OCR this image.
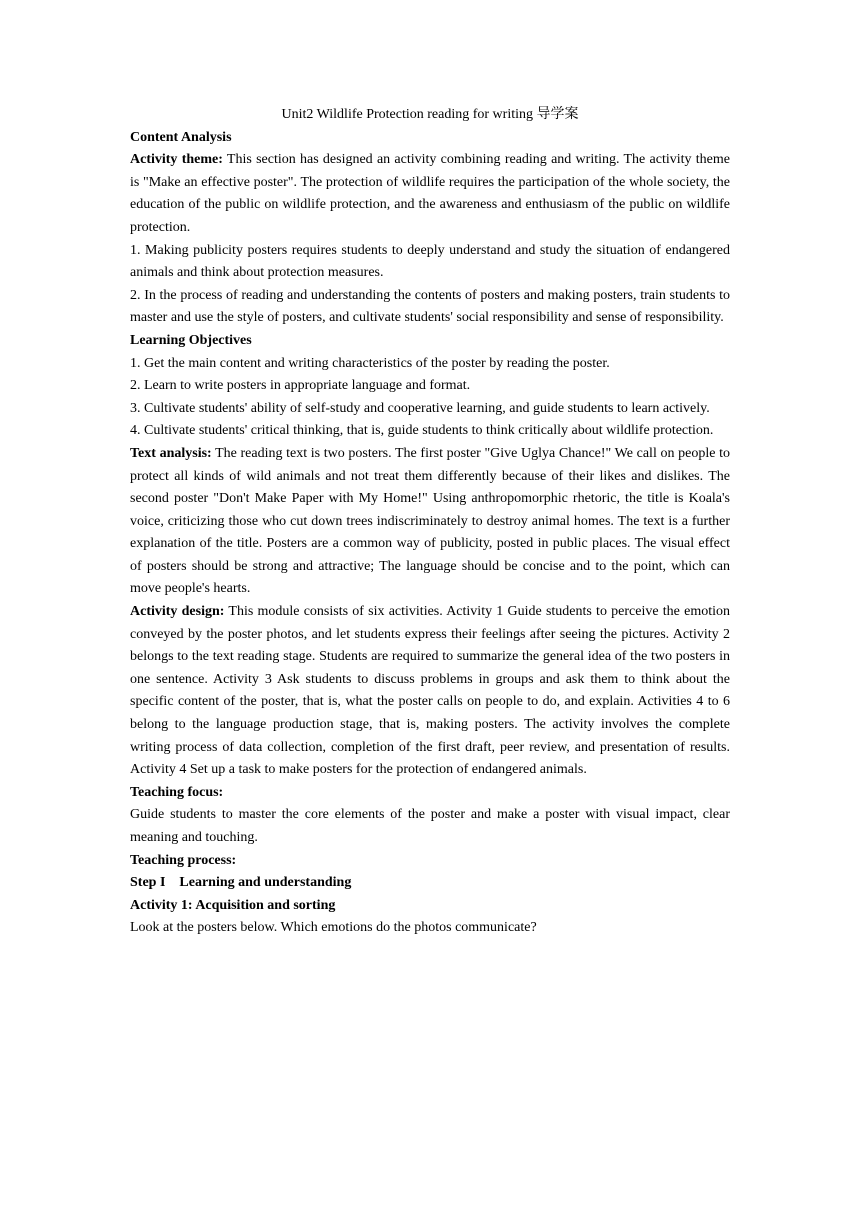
Unit2 Wildlife Protection reading for writing 导学案

Content Analysis

Activity theme: This section has designed an activity combining reading and writing. The activity theme is "Make an effective poster". The protection of wildlife requires the participation of the whole society, the education of the public on wildlife protection, and the awareness and enthusiasm of the public on wildlife protection.

1. Making publicity posters requires students to deeply understand and study the situation of endangered animals and think about protection measures.

2. In the process of reading and understanding the contents of posters and making posters, train students to master and use the style of posters, and cultivate students' social responsibility and sense of responsibility.

Learning Objectives

1. Get the main content and writing characteristics of the poster by reading the poster.

2. Learn to write posters in appropriate language and format.

3. Cultivate students' ability of self-study and cooperative learning, and guide students to learn actively.

4. Cultivate students' critical thinking, that is, guide students to think critically about wildlife protection.

Text analysis: The reading text is two posters. The first poster "Give Uglya Chance!" We call on people to protect all kinds of wild animals and not treat them differently because of their likes and dislikes. The second poster "Don't Make Paper with My Home!" Using anthropomorphic rhetoric, the title is Koala's voice, criticizing those who cut down trees indiscriminately to destroy animal homes. The text is a further explanation of the title. Posters are a common way of publicity, posted in public places. The visual effect of posters should be strong and attractive; The language should be concise and to the point, which can move people's hearts.

Activity design: This module consists of six activities. Activity 1 Guide students to perceive the emotion conveyed by the poster photos, and let students express their feelings after seeing the pictures. Activity 2 belongs to the text reading stage. Students are required to summarize the general idea of the two posters in one sentence. Activity 3 Ask students to discuss problems in groups and ask them to think about the specific content of the poster, that is, what the poster calls on people to do, and explain. Activities 4 to 6 belong to the language production stage, that is, making posters. The activity involves the complete writing process of data collection, completion of the first draft, peer review, and presentation of results. Activity 4 Set up a task to make posters for the protection of endangered animals.

Teaching focus:

Guide students to master the core elements of the poster and make a poster with visual impact, clear meaning and touching.

Teaching process:

Step I    Learning and understanding

Activity 1: Acquisition and sorting

Look at the posters below. Which emotions do the photos communicate?
